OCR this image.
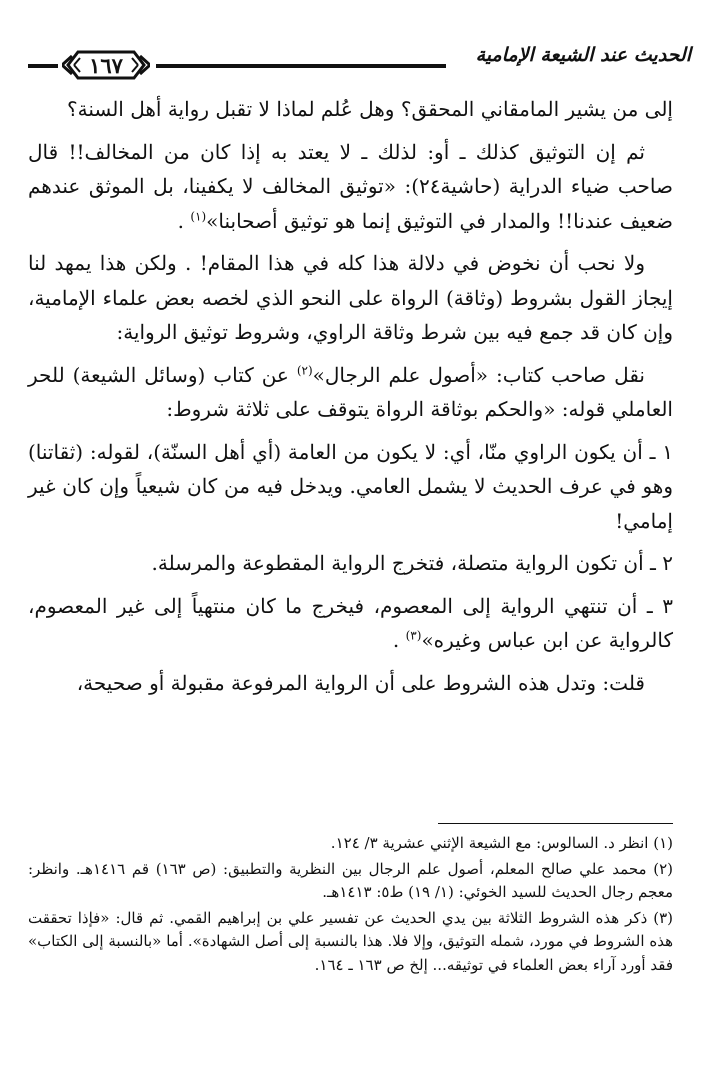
١٦٧	الحديث عند الشيعة الإمامية

إلى من يشير المامقاني المحقق؟ وهل عُلم لماذا لا تقبل رواية أهل السنة؟

ثم إن التوثيق كذلك ـ أو: لذلك ـ لا يعتد به إذا كان من المخالف!! قال صاحب ضياء الدراية (حاشية٢٤): «توثيق المخالف لا يكفينا، بل الموثق عندهم ضعيف عندنا!! والمدار في التوثيق إنما هو توثيق أصحابنا»$^{(١)}$ .

ولا نحب أن نخوض في دلالة هذا كله في هذا المقام! . ولكن هذا يمهد لنا إيجاز القول بشروط (وثاقة) الرواة على النحو الذي لخصه بعض علماء الإمامية، وإن كان قد جمع فيه بين شرط وثاقة الراوي، وشروط توثيق الرواية:

نقل صاحب كتاب: «أصول علم الرجال»$^{(٢)}$ عن كتاب (وسائل الشيعة) للحر العاملي قوله: «والحكم بوثاقة الرواة يتوقف على ثلاثة شروط:

١ ـ أن يكون الراوي منّا، أي: لا يكون من العامة (أي أهل السنّة)، لقوله: (ثقاتنا) وهو في عرف الحديث لا يشمل العامي. ويدخل فيه من كان شيعياً وإن كان غير إمامي!

٢ ـ أن تكون الرواية متصلة، فتخرج الرواية المقطوعة والمرسلة.

٣ ـ أن تنتهي الرواية إلى المعصوم، فيخرج ما كان منتهياً إلى غير المعصوم، كالرواية عن ابن عباس وغيره»$^{(٣)}$ .

قلت: وتدل هذه الشروط على أن الرواية المرفوعة مقبولة أو صحيحة،

(١) انظر د. السالوس: مع الشيعة الإثني عشرية ٣/ ١٢٤.

(٢) محمد علي صالح المعلم، أصول علم الرجال بين النظرية والتطبيق: (ص ١٦٣) قم ١٤١٦هـ. وانظر: معجم رجال الحديث للسيد الخوئي: (١/ ١٩) ط٥: ١٤١٣هـ.

(٣) ذكر هذه الشروط الثلاثة بين يدي الحديث عن تفسير علي بن إبراهيم القمي. ثم قال: «فإذا تحققت هذه الشروط في مورد، شمله التوثيق، وإلا فلا. هذا بالنسبة إلى أصل الشهادة». أما «بالنسبة إلى الكتاب» فقد أورد آراء بعض العلماء في توثيقه... إلخ ص ١٦٣ ـ ١٦٤.
